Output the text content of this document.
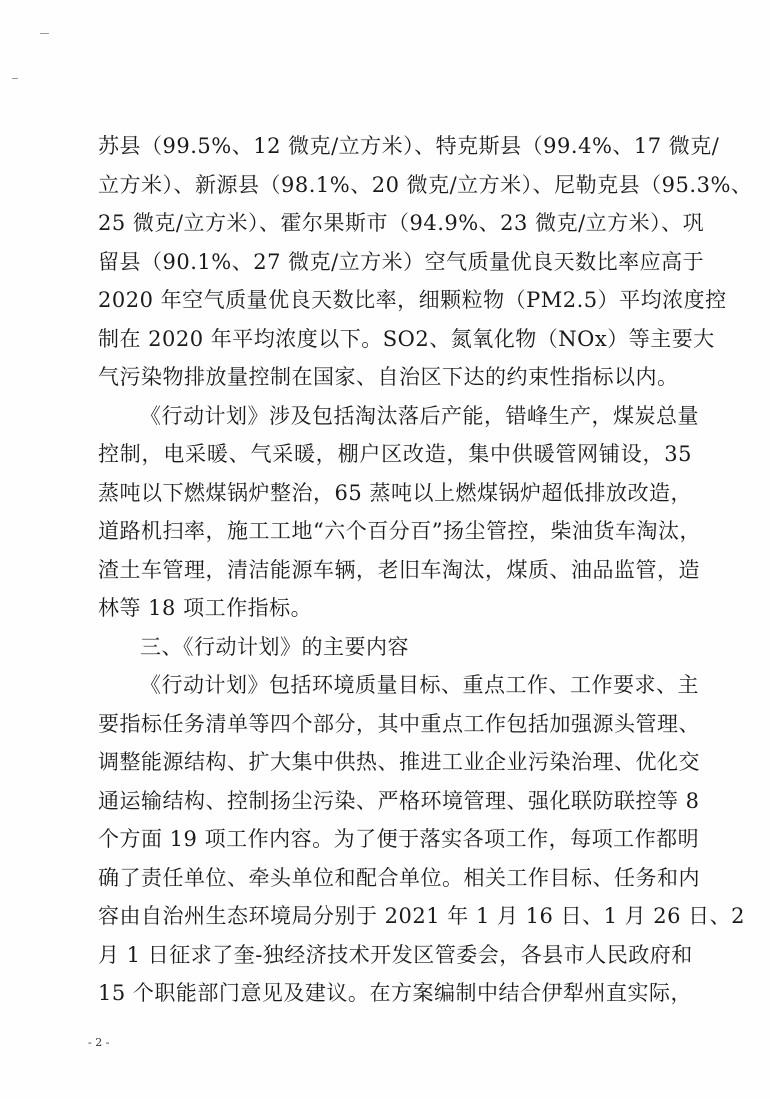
苏县（99.5%、12 微克/立方米）、特克斯县（99.4%、17 微克/
立方米）、新源县（98.1%、20 微克/立方米）、尼勒克县（95.3%、
25 微克/立方米）、霍尔果斯市（94.9%、23 微克/立方米）、巩
留县（90.1%、27 微克/立方米）空气质量优良天数比率应高于
2020 年空气质量优良天数比率，细颗粒物（PM2.5）平均浓度控
制在 2020 年平均浓度以下。SO2、氮氧化物（NOx）等主要大
气污染物排放量控制在国家、自治区下达的约束性指标以内。
《行动计划》涉及包括淘汰落后产能，错峰生产，煤炭总量
控制，电采暖、气采暖，棚户区改造，集中供暖管网铺设，35
蒸吨以下燃煤锅炉整治，65 蒸吨以上燃煤锅炉超低排放改造，
道路机扫率，施工工地“六个百分百”扬尘管控，柴油货车淘汰，
渣土车管理，清洁能源车辆，老旧车淘汰，煤质、油品监管，造
林等 18 项工作指标。
三、《行动计划》的主要内容
《行动计划》包括环境质量目标、重点工作、工作要求、主
要指标任务清单等四个部分，其中重点工作包括加强源头管理、
调整能源结构、扩大集中供热、推进工业企业污染治理、优化交
通运输结构、控制扬尘污染、严格环境管理、强化联防联控等 8
个方面 19 项工作内容。为了便于落实各项工作，每项工作都明
确了责任单位、牵头单位和配合单位。相关工作目标、任务和内
容由自治州生态环境局分别于 2021 年 1 月 16 日、1 月 26 日、2
月 1 日征求了奎-独经济技术开发区管委会，各县市人民政府和
15 个职能部门意见及建议。在方案编制中结合伊犁州直实际，
- 2 -
